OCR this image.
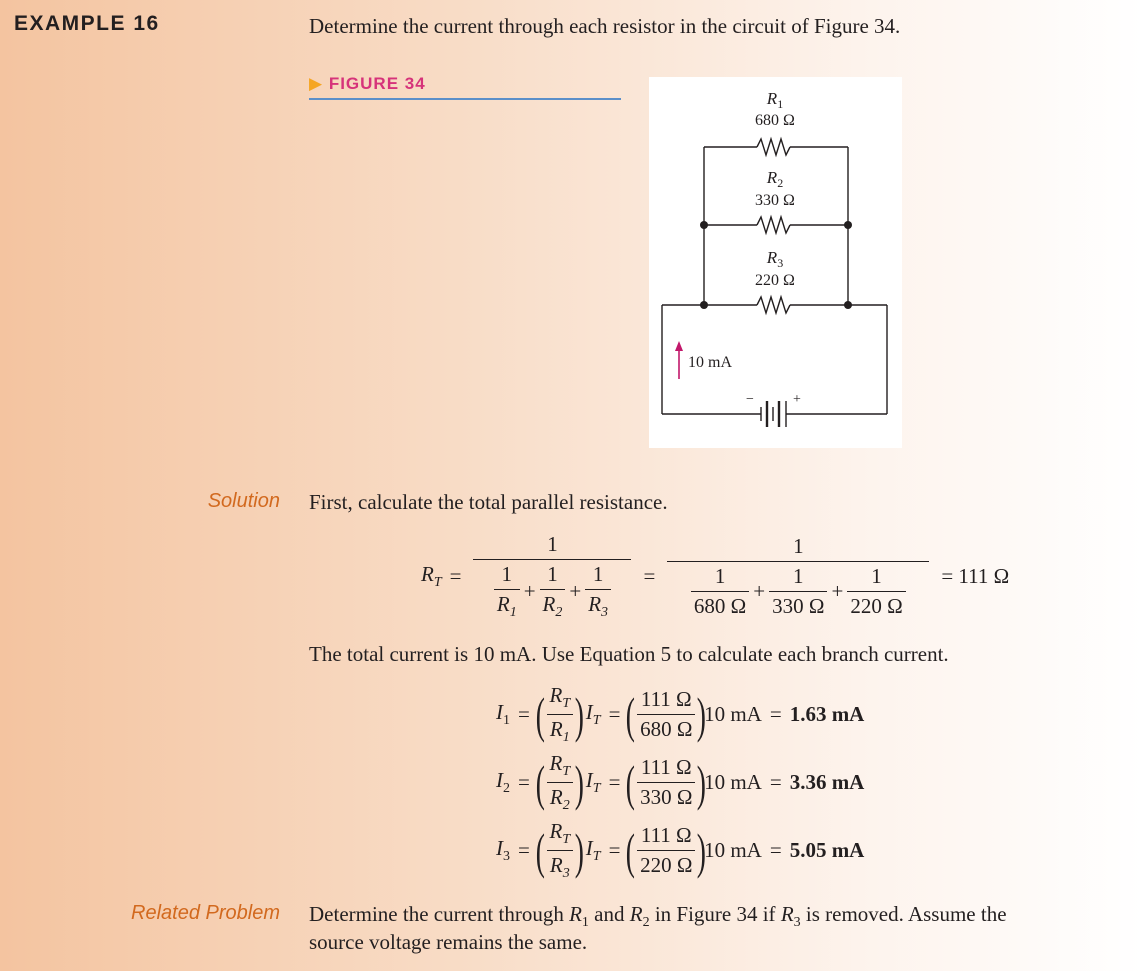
EXAMPLE 16	Determine the current through each resistor in the circuit of Figure 34.
▶ FIGURE 34
$R_1$
680 Ω
$R_2$
330 Ω
$R_3$
220 Ω
10 mA
−	+
Solution First, calculate the total parallel resistance.
$R_T = \frac{1}{\frac{1}{R_1} + \frac{1}{R_2} + \frac{1}{R_3}} = \frac{1}{\frac{1}{680 \Omega} + \frac{1}{330 \Omega} + \frac{1}{220 \Omega}} = 111$ Ω
The total current is 10 mA. Use Equation 5 to calculate each branch current.
$I_1$ = ( $\frac{R_T}{R_1}$ ) $I_T$ = ( $\frac{111 \Omega}{680 \Omega}$ )
10 mA = 1.63 mA
$I_2$ = ( $\frac{R_T}{R_2}$ ) $I_T$ = ( $\frac{111 \Omega}{330 \Omega}$ )
10 mA = 3.36 mA
$I_3$ = ( $\frac{R_T}{R_3}$ ) $I_T$ = ( $\frac{111 \Omega}{220 \Omega}$ )
10 mA = 5.05 mA
Related Problem Determine the current through $R_1$ and $R_2$ in Figure 34 if $R_3$ is removed. Assume the
source voltage remains the same.
